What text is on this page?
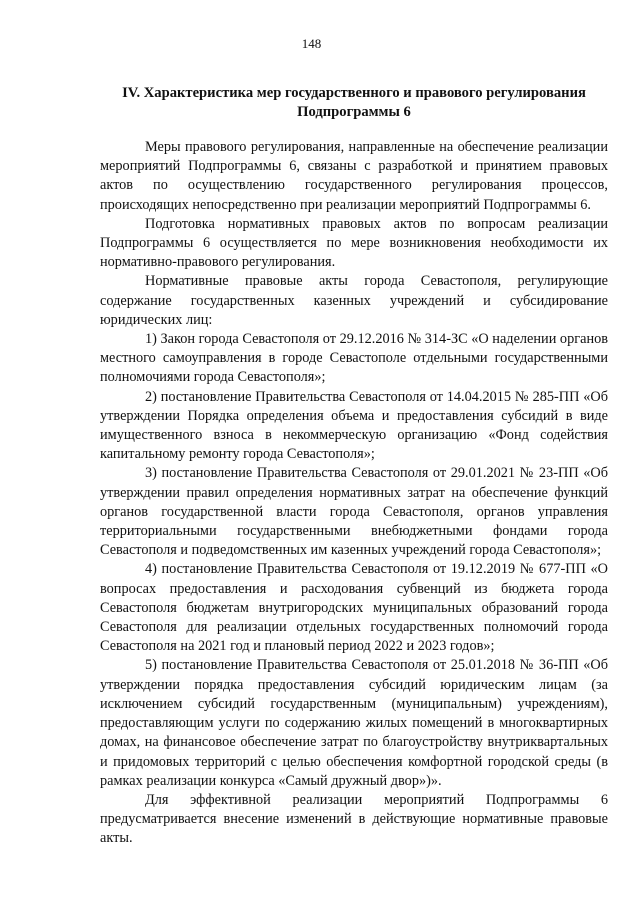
148
IV. Характеристика мер государственного и правового регулирования
Подпрограммы 6

Меры правового регулирования, направленные на обеспечение реализации мероприятий Подпрограммы 6, связаны с разработкой и принятием правовых актов по осуществлению государственного регулирования процессов, происходящих непосредственно при реализации мероприятий Подпрограммы 6.

Подготовка нормативных правовых актов по вопросам реализации Подпрограммы 6 осуществляется по мере возникновения необходимости их нормативно-правового регулирования.

Нормативные правовые акты города Севастополя, регулирующие содержание государственных казенных учреждений и субсидирование юридических лиц:

1) Закон города Севастополя от 29.12.2016 № 314-ЗС «О наделении органов местного самоуправления в городе Севастополе отдельными государственными полномочиями города Севастополя»;

2) постановление Правительства Севастополя от 14.04.2015 № 285-ПП «Об утверждении Порядка определения объема и предоставления субсидий в виде имущественного взноса в некоммерческую организацию «Фонд содействия капитальному ремонту города Севастополя»;

3) постановление Правительства Севастополя от 29.01.2021 № 23-ПП «Об утверждении правил определения нормативных затрат на обеспечение функций органов государственной власти города Севастополя, органов управления территориальными государственными внебюджетными фондами города Севастополя и подведомственных им казенных учреждений города Севастополя»;

4) постановление Правительства Севастополя от 19.12.2019 № 677-ПП «О вопросах предоставления и расходования субвенций из бюджета города Севастополя бюджетам внутригородских муниципальных образований города Севастополя для реализации отдельных государственных полномочий города Севастополя на 2021 год и плановый период 2022 и 2023 годов»;

5) постановление Правительства Севастополя от 25.01.2018 № 36-ПП «Об утверждении порядка предоставления субсидий юридическим лицам (за исключением субсидий государственным (муниципальным) учреждениям), предоставляющим услуги по содержанию жилых помещений в многоквартирных домах, на финансовое обеспечение затрат по благоустройству внутриквартальных и придомовых территорий с целью обеспечения комфортной городской среды (в рамках реализации конкурса «Самый дружный двор»)».

Для эффективной реализации мероприятий Подпрограммы 6 предусматривается внесение изменений в действующие нормативные правовые акты.
